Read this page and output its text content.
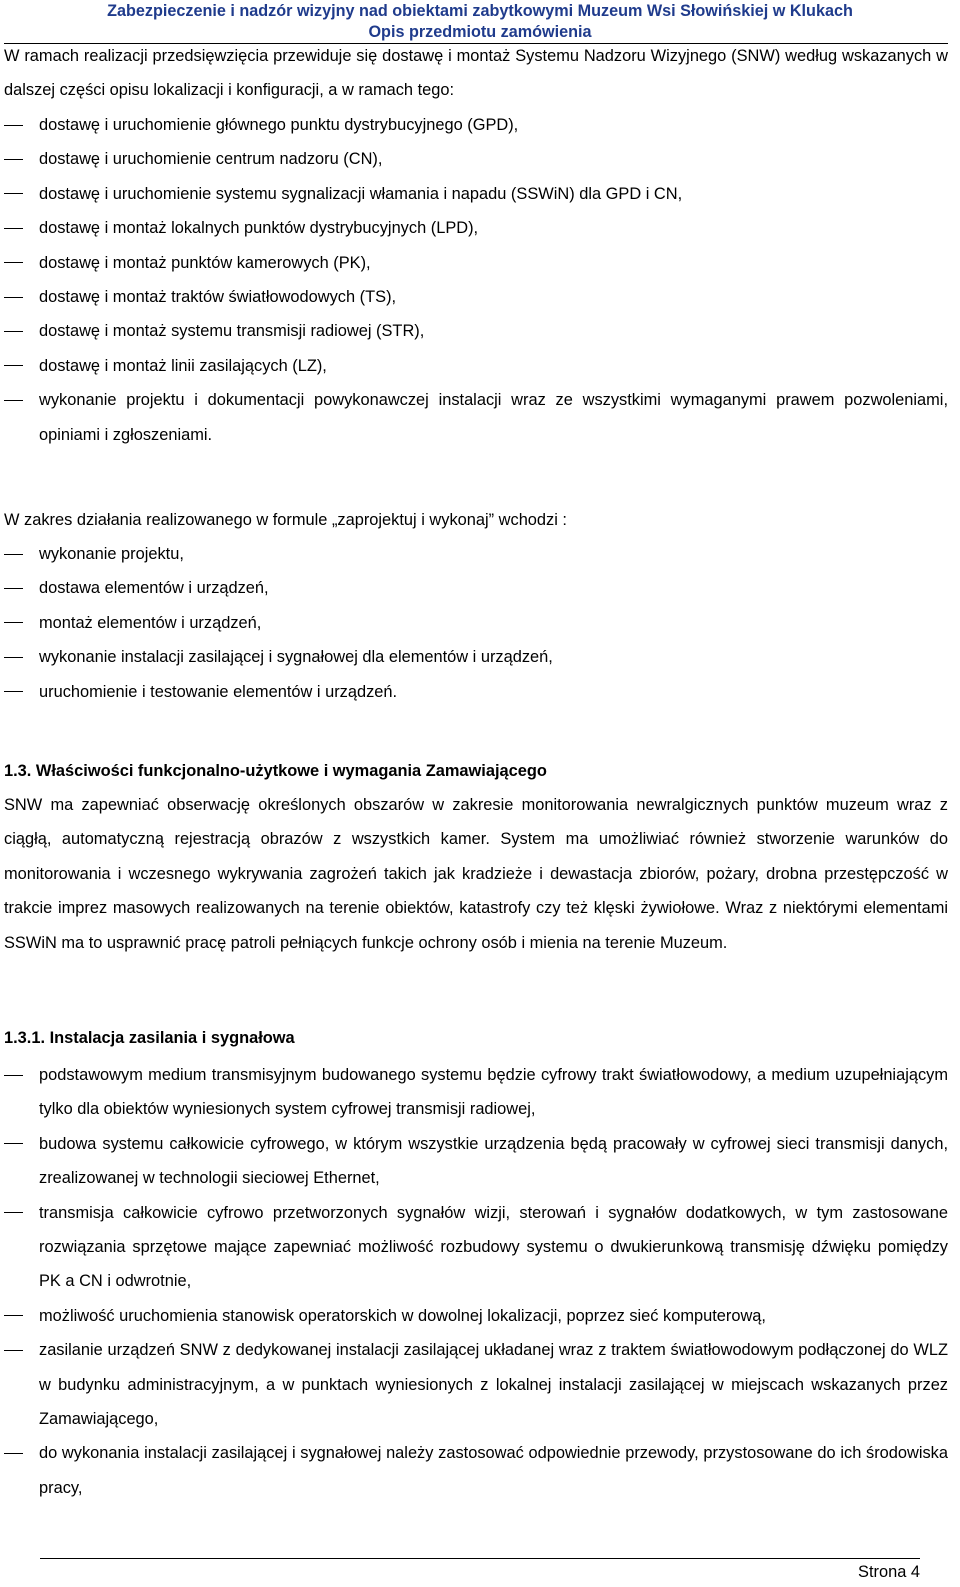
Zabezpieczenie i nadzór wizyjny nad obiektami zabytkowymi Muzeum Wsi Słowińskiej w Klukach
Opis przedmiotu zamówienia
W ramach realizacji przedsięwzięcia przewiduje się dostawę i montaż Systemu Nadzoru Wizyjnego (SNW) według wskazanych w dalszej części opisu lokalizacji i konfiguracji, a w ramach tego:
dostawę i uruchomienie głównego punktu dystrybucyjnego (GPD),
dostawę i uruchomienie centrum nadzoru (CN),
dostawę i uruchomienie systemu sygnalizacji włamania i napadu (SSWiN) dla GPD i CN,
dostawę i montaż lokalnych punktów dystrybucyjnych (LPD),
dostawę i montaż punktów kamerowych (PK),
dostawę i montaż traktów światłowodowych (TS),
dostawę i montaż systemu transmisji radiowej (STR),
dostawę i montaż linii zasilających (LZ),
wykonanie projektu i dokumentacji powykonawczej instalacji wraz ze wszystkimi wymaganymi prawem pozwoleniami, opiniami i zgłoszeniami.
W zakres działania realizowanego w formule „zaprojektuj i wykonaj” wchodzi :
wykonanie projektu,
dostawa elementów i urządzeń,
montaż elementów i urządzeń,
wykonanie instalacji zasilającej i sygnałowej dla elementów i urządzeń,
uruchomienie i testowanie elementów i urządzeń.
1.3. Właściwości funkcjonalno-użytkowe i wymagania Zamawiającego
SNW ma zapewniać obserwację określonych obszarów w zakresie monitorowania newralgicznych punktów muzeum wraz z ciągłą, automatyczną rejestracją obrazów z wszystkich kamer. System ma umożliwiać również stworzenie warunków do monitorowania i wczesnego wykrywania zagrożeń takich jak kradzieże i dewastacja zbiorów, pożary, drobna przestępczość w trakcie imprez masowych realizowanych na terenie obiektów, katastrofy czy też klęski żywiołowe. Wraz z niektórymi elementami SSWiN ma to usprawnić pracę patroli pełniących funkcje ochrony osób i mienia na terenie Muzeum.
1.3.1. Instalacja zasilania i sygnałowa
podstawowym medium transmisyjnym budowanego systemu będzie cyfrowy trakt światłowodowy, a medium uzupełniającym tylko dla obiektów wyniesionych system cyfrowej transmisji radiowej,
budowa systemu całkowicie cyfrowego, w którym wszystkie urządzenia będą pracowały w cyfrowej sieci transmisji danych, zrealizowanej w technologii sieciowej Ethernet,
transmisja całkowicie cyfrowo przetworzonych sygnałów wizji, sterowań i sygnałów dodatkowych, w tym zastosowane rozwiązania sprzętowe mające zapewniać możliwość rozbudowy systemu o dwukierunkową transmisję dźwięku pomiędzy PK a CN i odwrotnie,
możliwość uruchomienia stanowisk operatorskich w dowolnej lokalizacji, poprzez sieć komputerową,
zasilanie urządzeń SNW z dedykowanej instalacji zasilającej układanej wraz z traktem światłowodowym podłączonej do WLZ w budynku administracyjnym, a w punktach wyniesionych z lokalnej instalacji zasilającej w miejscach wskazanych przez Zamawiającego,
do wykonania instalacji zasilającej i sygnałowej należy zastosować odpowiednie przewody, przystosowane do ich środowiska pracy,
Strona 4
